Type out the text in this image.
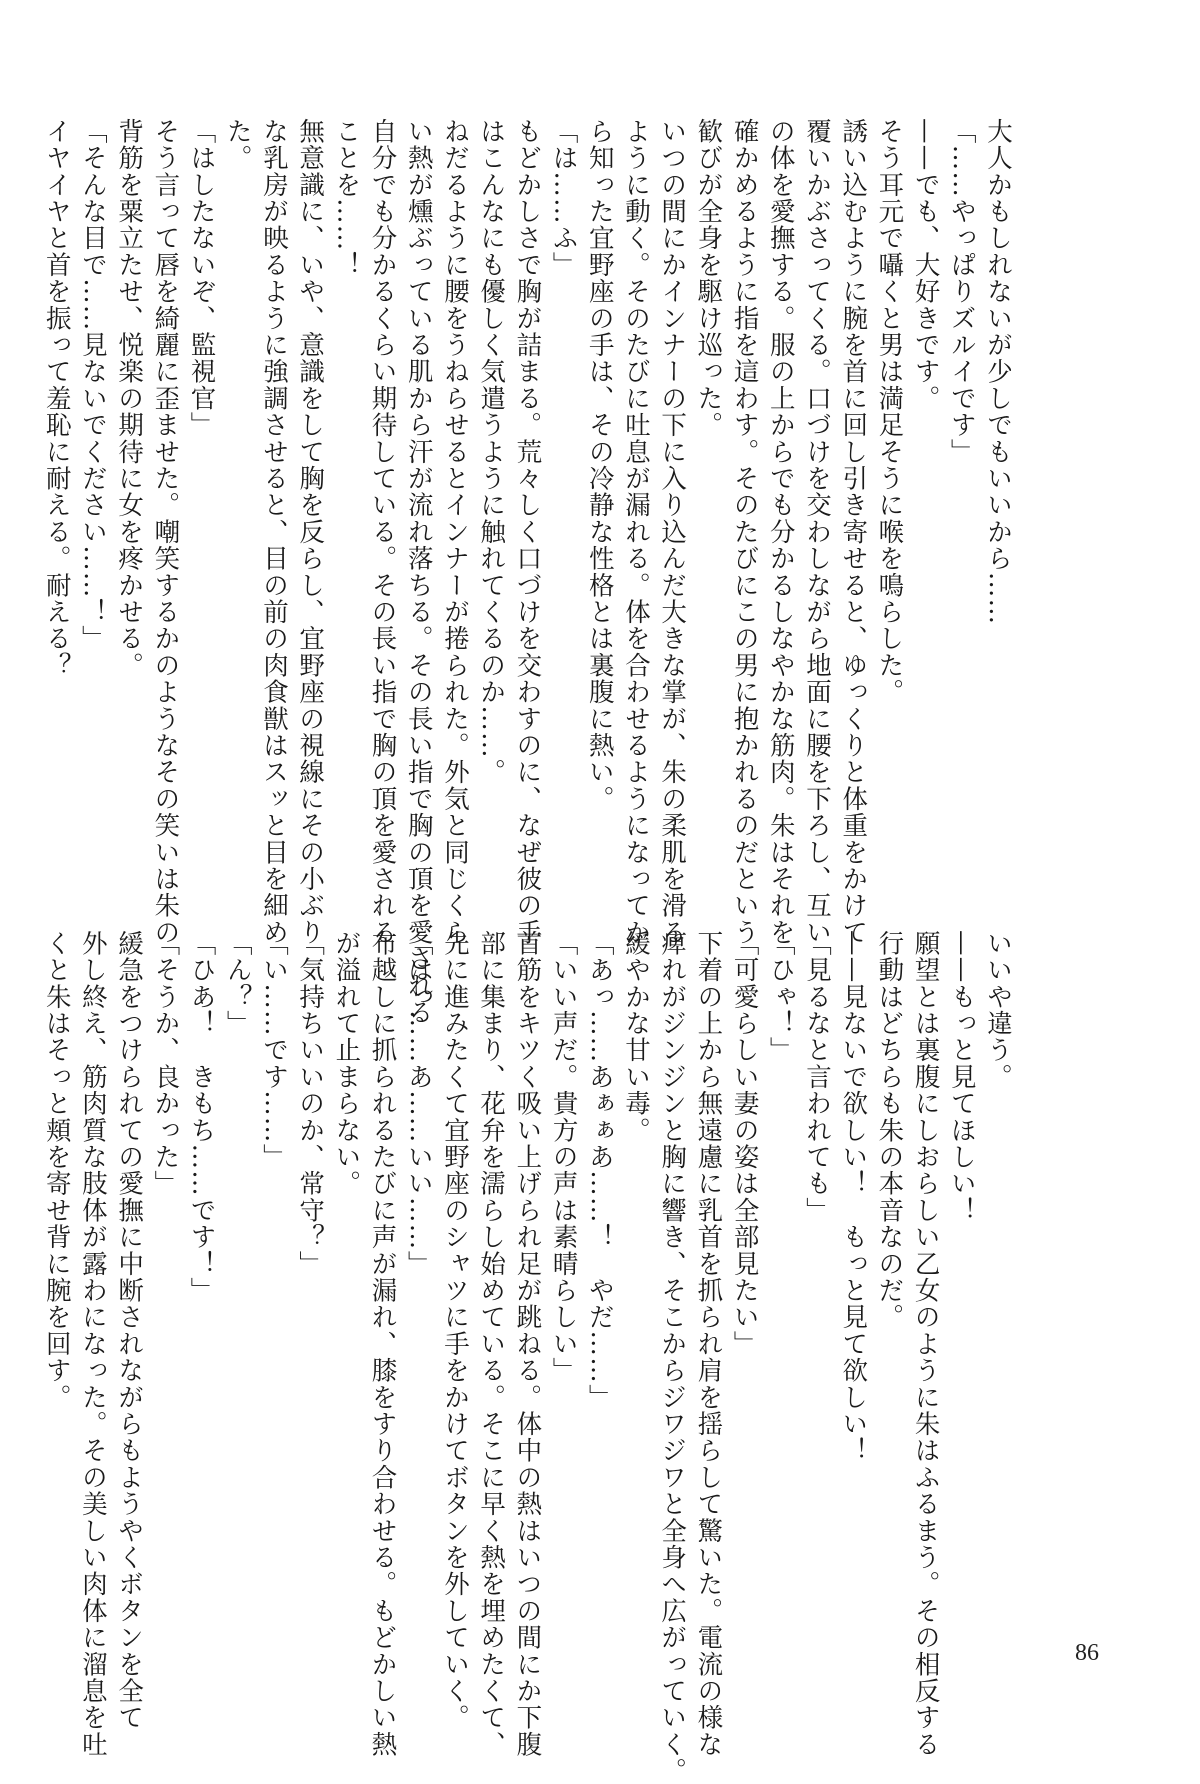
大人かもしれないが少しでもいいから……
「……やっぱりズルイです」
——でも、大好きです。
そう耳元で囁くと男は満足そうに喉を鳴らした。
誘い込むように腕を首に回し引き寄せると、ゆっくりと体重をかけて
覆いかぶさってくる。口づけを交わしながら地面に腰を下ろし、互い
の体を愛撫する。服の上からでも分かるしなやかな筋肉。朱はそれを
確かめるように指を這わす。そのたびにこの男に抱かれるのだという
歓びが全身を駆け巡った。
いつの間にかインナーの下に入り込んだ大きな掌が、朱の柔肌を滑る
ように動く。そのたびに吐息が漏れる。体を合わせるようになってか
ら知った宜野座の手は、その冷静な性格とは裏腹に熱い。
「は……ふ」
もどかしさで胸が詰まる。荒々しく口づけを交わすのに、なぜ彼の手
はこんなにも優しく気遣うように触れてくるのか……。
ねだるように腰をうねらせるとインナーが捲られた。外気と同じくら
い熱が燻ぶっている肌から汗が流れ落ちる。その長い指で胸の頂を愛される
自分でも分かるくらい期待している。その長い指で胸の頂を愛される
ことを……！
無意識に、いや、意識をして胸を反らし、宜野座の視線にその小ぶり
な乳房が映るように強調させると、目の前の肉食獣はスッと目を細め
た。
「はしたないぞ、監視官」
そう言って唇を綺麗に歪ませた。嘲笑するかのようなその笑いは朱の
背筋を粟立たせ、悦楽の期待に女を疼かせる。
「そんな目で……見ないでください……！」
イヤイヤと首を振って羞恥に耐える。耐える？
いいや違う。
——もっと見てほしい！
願望とは裏腹にしおらしい乙女のように朱はふるまう。その相反する
行動はどちらも朱の本音なのだ。
——見ないで欲しい！　もっと見て欲しい！
「見るなと言われても」
「ひゃ！」
「可愛らしい妻の姿は全部見たい」
下着の上から無遠慮に乳首を抓られ肩を揺らして驚いた。電流の様な
痺れがジンジンと胸に響き、そこからジワジワと全身へ広がっていく。
緩やかな甘い毒。
「あっ……あぁぁあ……！　やだ……」
「いい声だ。貴方の声は素晴らしい」
首筋をキツく吸い上げられ足が跳ねる。体中の熱はいつの間にか下腹
部に集まり、花弁を濡らし始めている。そこに早く熱を埋めたくて、
先に進みたくて宜野座のシャツに手をかけてボタンを外していく。
「はっ……あ……いい……」
布越しに抓られるたびに声が漏れ、膝をすり合わせる。もどかしい熱
が溢れて止まらない。
「気持ちいいのか、常守？」
「い……です……」
「ん？」
「ひあ！　きもち……です！」
「そうか、良かった」
緩急をつけられての愛撫に中断されながらもようやくボタンを全て
外し終え、筋肉質な肢体が露わになった。その美しい肉体に溜息を吐
くと朱はそっと頬を寄せ背に腕を回す。
86
